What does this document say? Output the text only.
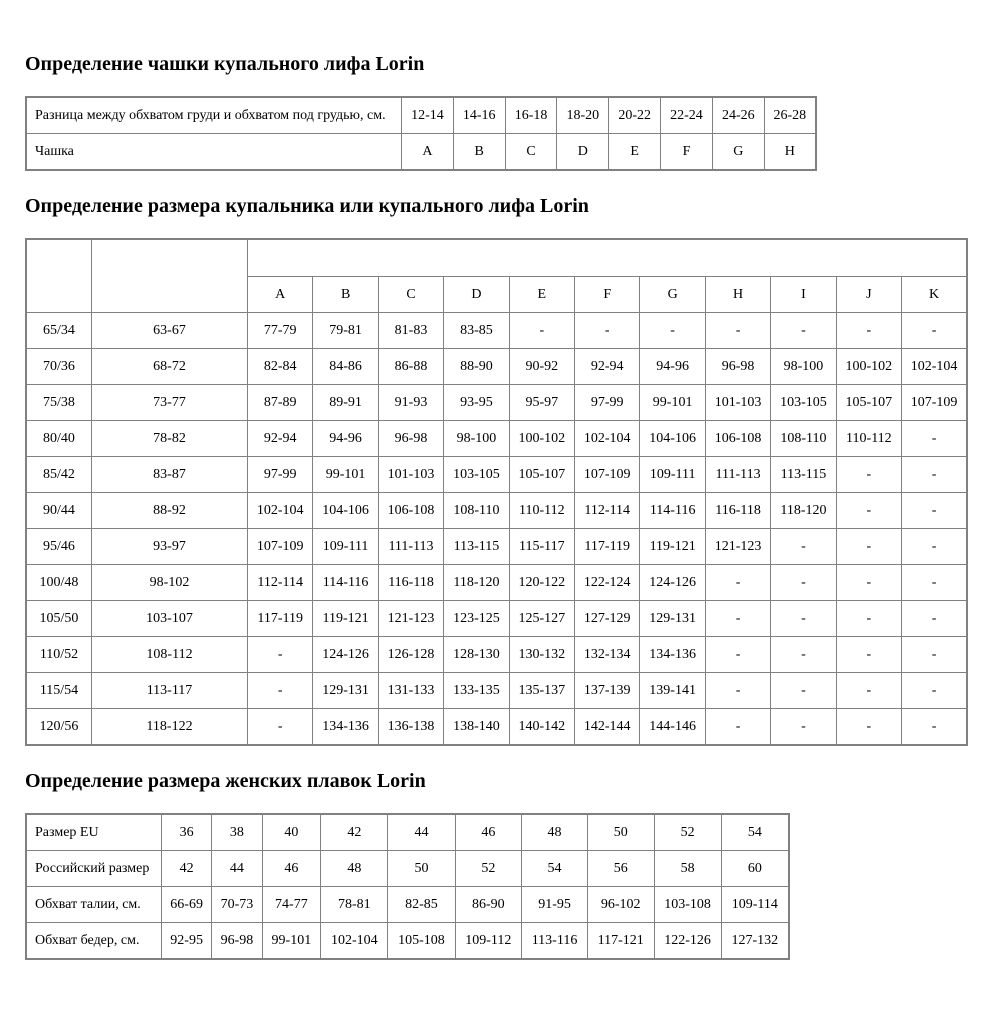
Определение чашки купального лифа Lorin
Разница между обхватом груди и обхватом под грудью, см.	12-14	14-16	16-18	18-20	20-22	22-24	24-26	26-28
Чашка	A	B	C	D	E	F	G	H
Определение размера купальника или купального лифа Lorin

		A	B	C	D	E	F	G	H	I	J	K
65/34	63-67	77-79	79-81	81-83	83-85	-	-	-	-	-	-	-
70/36	68-72	82-84	84-86	86-88	88-90	90-92	92-94	94-96	96-98	98-100	100-102	102-104
75/38	73-77	87-89	89-91	91-93	93-95	95-97	97-99	99-101	101-103	103-105	105-107	107-109
80/40	78-82	92-94	94-96	96-98	98-100	100-102	102-104	104-106	106-108	108-110	110-112	-
85/42	83-87	97-99	99-101	101-103	103-105	105-107	107-109	109-111	111-113	113-115	-	-
90/44	88-92	102-104	104-106	106-108	108-110	110-112	112-114	114-116	116-118	118-120	-	-
95/46	93-97	107-109	109-111	111-113	113-115	115-117	117-119	119-121	121-123	-	-	-
100/48	98-102	112-114	114-116	116-118	118-120	120-122	122-124	124-126	-	-	-	-
105/50	103-107	117-119	119-121	121-123	123-125	125-127	127-129	129-131	-	-	-	-
110/52	108-112	-	124-126	126-128	128-130	130-132	132-134	134-136	-	-	-	-
115/54	113-117	-	129-131	131-133	133-135	135-137	137-139	139-141	-	-	-	-
120/56	118-122	-	134-136	136-138	138-140	140-142	142-144	144-146	-	-	-	-
Определение размера женских плавок Lorin
Размер EU	36	38	40	42	44	46	48	50	52	54
Российский размер	42	44	46	48	50	52	54	56	58	60
Обхват талии, см.	66-69	70-73	74-77	78-81	82-85	86-90	91-95	96-102	103-108	109-114
Обхват бедер, см.	92-95	96-98	99-101	102-104	105-108	109-112	113-116	117-121	122-126	127-132
